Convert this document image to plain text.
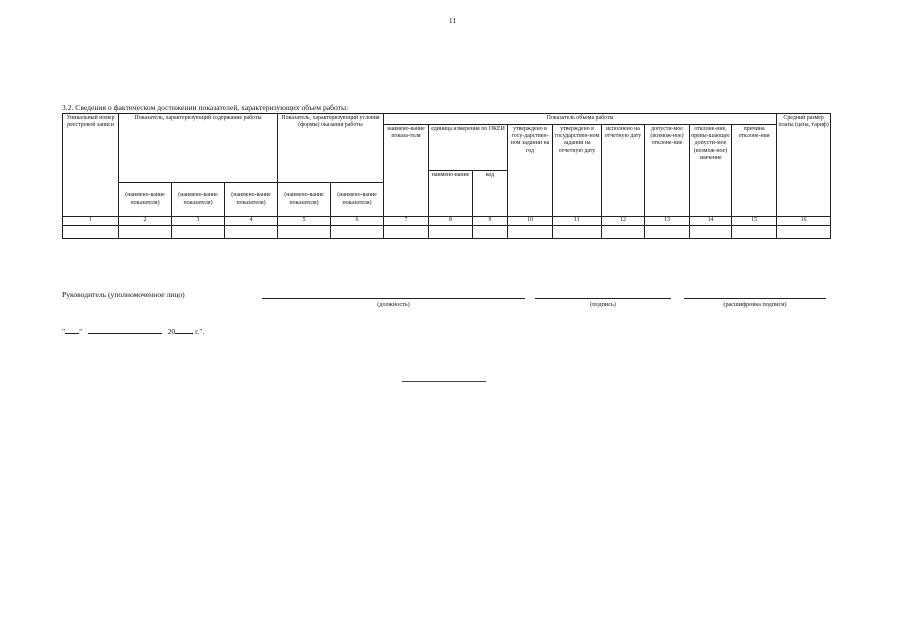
11
3.2. Сведения о фактическом достижении показателей, характеризующих объем работы:
Уникальный номер реестровой записи	Показатель, характеризующий содержание работы			Показатель, характеризующий условия (формы) оказания работы		Показатель объема работы									Средний размер платы (цена, тариф)
						наимено-вание показа-теля	единица измерения по ОКЕИ		утверждено в госу-дарствен-ном задании на год	утверждено в государствен-ном задании на отчетную дату	исполнено на отчетную дату	допусти-мое (возмож-ное) отклоне-ние	отклоне-ние, превы-шающее допусти-мое (возмож-ное) значение	причина отклоне-ния	
							наимено-вание	код							
	(наимено-вание показателя)	(наимено-вание показателя)	(наимено-вание показателя)	(наимено-вание показателя)	(наимено-вание показателя)										
1	2	3	4	5	6	7	8	9	10	11	12	13	14	15	16

Руководитель (уполномоченное лицо)
(должность)	(подпись)	(расшифровка подписи)
" "	20	г.".
